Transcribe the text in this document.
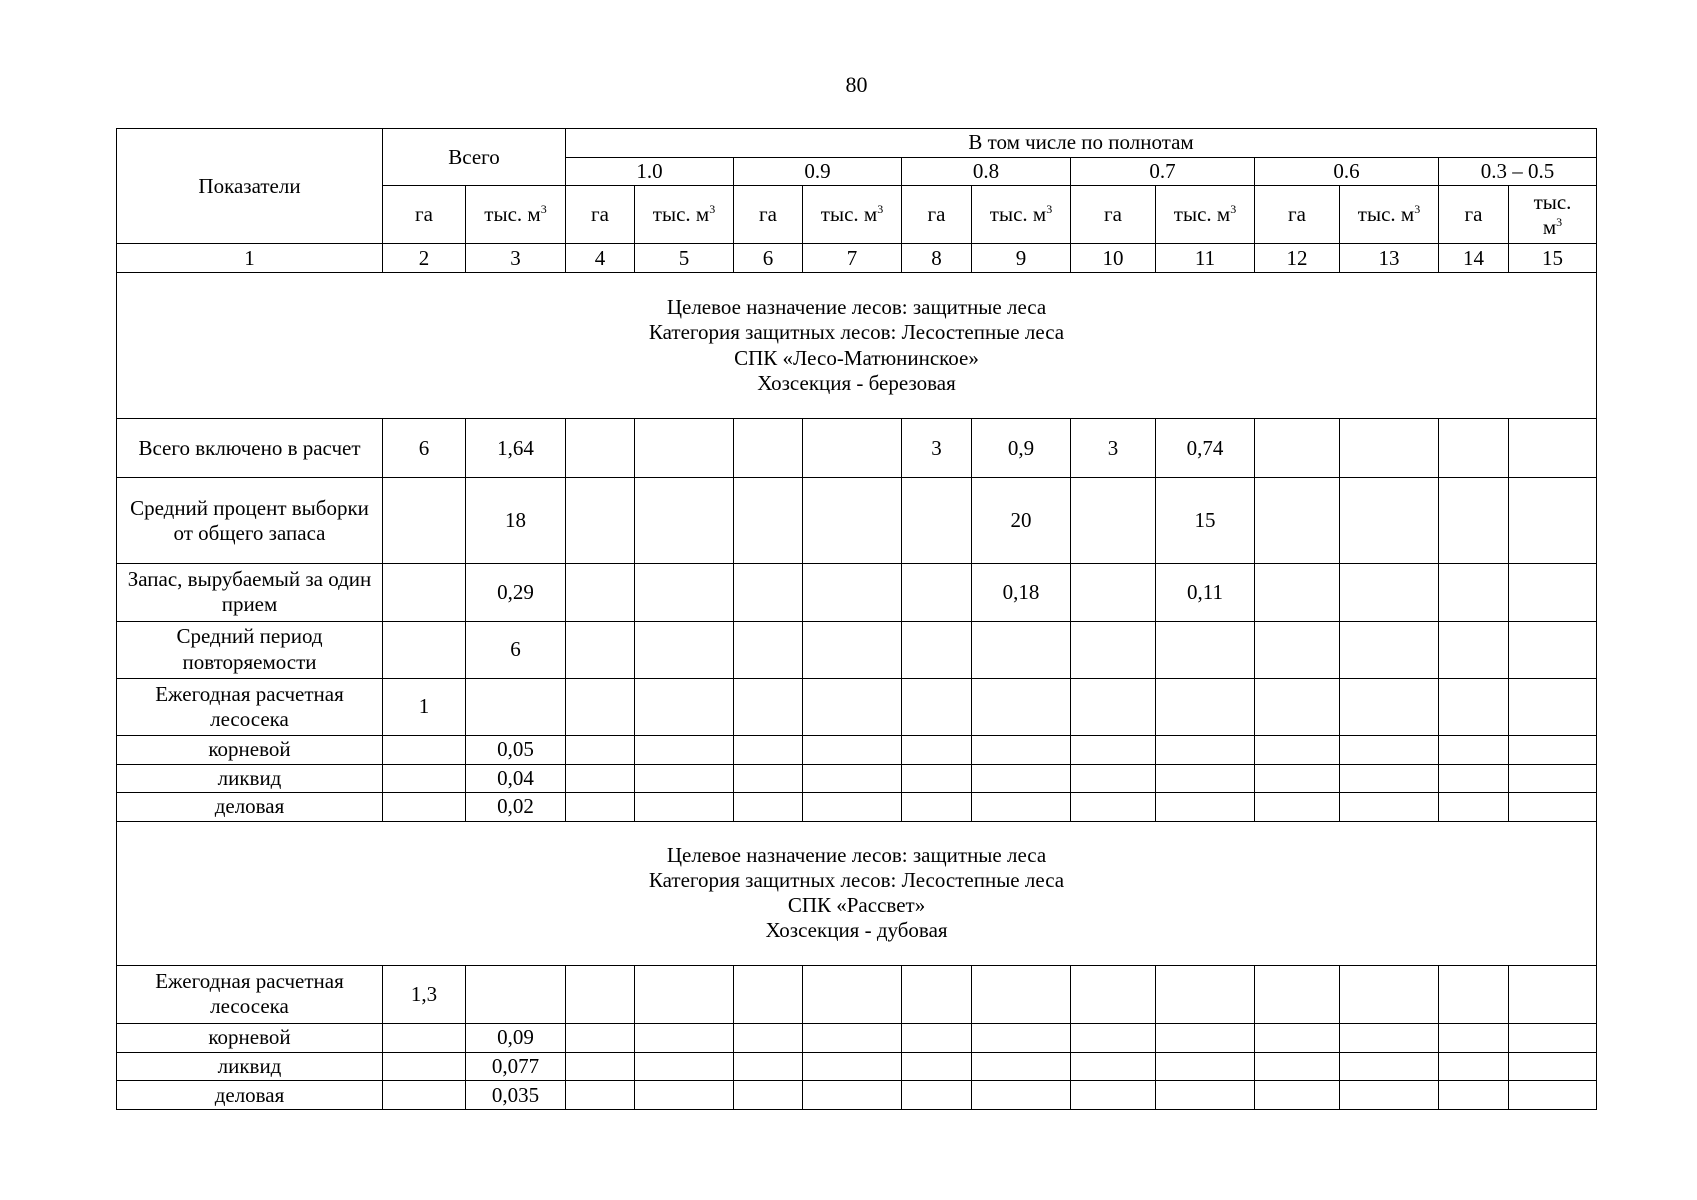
80
Показатели	Всего		В том числе по полнотам											
			1.0		0.9		0.8		0.7		0.6		0.3 – 0.5	
	га	тыс. $м^3$	га	тыс. $м^3$	га	тыс. $м^3$	га	тыс. $м^3$	га	тыс. $м^3$	га	тыс. $м^3$	га	тыс.
$м^3$
1	2	3	4	5	6	7	8	9	10	11	12	13	14	15

Целевое назначение лесов: защитные леса
Категория защитных лесов: Лесостепные леса
СПК «Лесо-Матюнинское»
Хозсекция - березовая														

Всего включено в расчет	6	1,64					3	0,9	3	0,74				
Средний процент выборки от общего запаса		18						20		15				
Запас, вырубаемый за один прием		0,29						0,18		0,11				
Средний период повторяемости		6												
Ежегодная расчетная лесосека	1													
корневой		0,05												
ликвид		0,04												
деловая		0,02												

Целевое назначение лесов: защитные леса
Категория защитных лесов: Лесостепные леса
СПК «Рассвет»
Хозсекция - дубовая														

Ежегодная расчетная лесосека	1,3													
корневой		0,09												
ликвид		0,077												
деловая		0,035												
